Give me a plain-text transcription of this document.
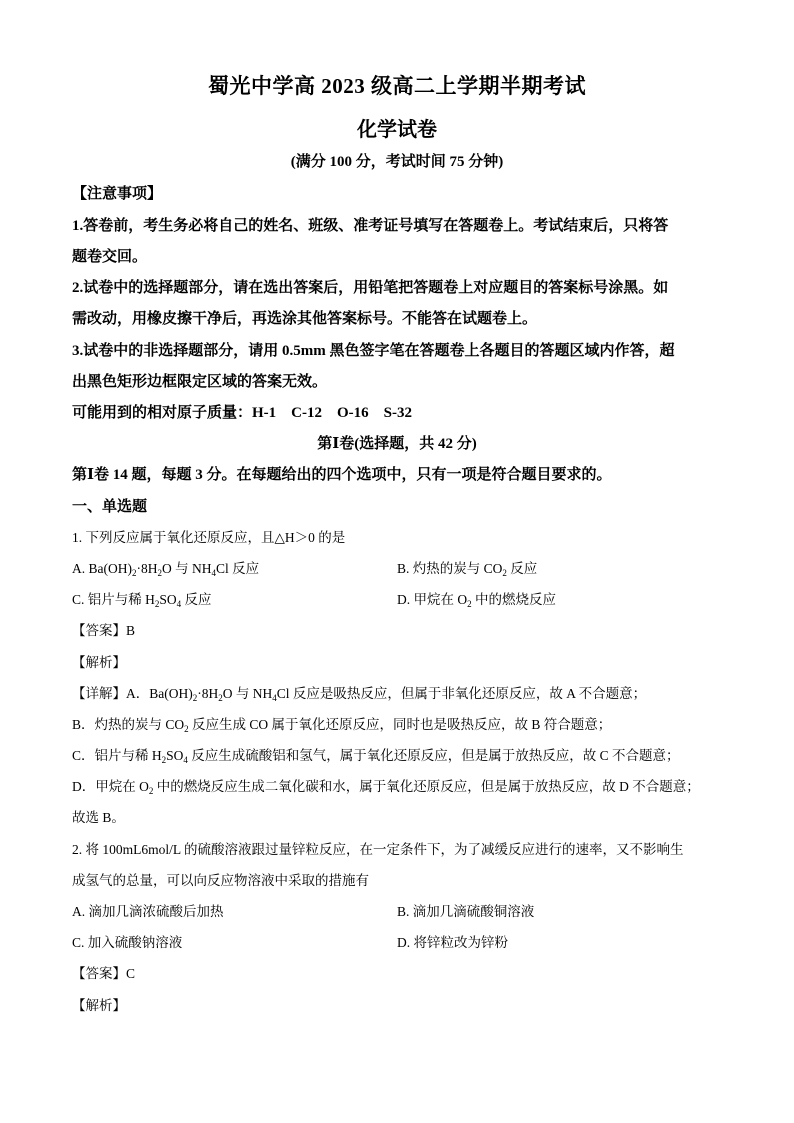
蜀光中学高 2023 级高二上学期半期考试
化学试卷
(满分 100 分，考试时间 75 分钟)
【注意事项】
1.答卷前，考生务必将自己的姓名、班级、准考证号填写在答题卷上。考试结束后，只将答
题卷交回。
2.试卷中的选择题部分，请在选出答案后，用铅笔把答题卷上对应题目的答案标号涂黑。如
需改动，用橡皮擦干净后，再选涂其他答案标号。不能答在试题卷上。
3.试卷中的非选择题部分，请用 0.5mm 黑色签字笔在答题卷上各题目的答题区域内作答，超
出黑色矩形边框限定区域的答案无效。
可能用到的相对原子质量：H-1　C-12　O-16　S-32
第Ⅰ卷(选择题，共 42 分)
第Ⅰ卷 14 题，每题 3 分。在每题给出的四个选项中，只有一项是符合题目要求的。
一、单选题
1. 下列反应属于氧化还原反应，且△H＞0 的是
A. $Ba(OH)_2\cdot 8H_2O$ 与 $NH_4Cl$ 反应	B. 灼热的炭与 $CO_2$ 反应
C. 铝片与稀 $H_2SO_4$ 反应	D. 甲烷在 $O_2$ 中的燃烧反应
【答案】B
【解析】
【详解】A．$Ba(OH)_2\cdot 8H_2O$ 与 $NH_4Cl$ 反应是吸热反应，但属于非氧化还原反应，故 A 不合题意；
B．灼热的炭与 $CO_2$ 反应生成 CO 属于氧化还原反应，同时也是吸热反应，故 B 符合题意；
C．铝片与稀 $H_2SO_4$ 反应生成硫酸铝和氢气，属于氧化还原反应，但是属于放热反应，故 C 不合题意；
D．甲烷在 $O_2$ 中的燃烧反应生成二氧化碳和水，属于氧化还原反应，但是属于放热反应，故 D 不合题意；
故选 B。
2. 将 100mL6mol/L 的硫酸溶液跟过量锌粒反应，在一定条件下，为了减缓反应进行的速率，又不影响生
成氢气的总量，可以向反应物溶液中采取的措施有
A. 滴加几滴浓硫酸后加热	B. 滴加几滴硫酸铜溶液
C. 加入硫酸钠溶液	D. 将锌粒改为锌粉
【答案】C
【解析】
